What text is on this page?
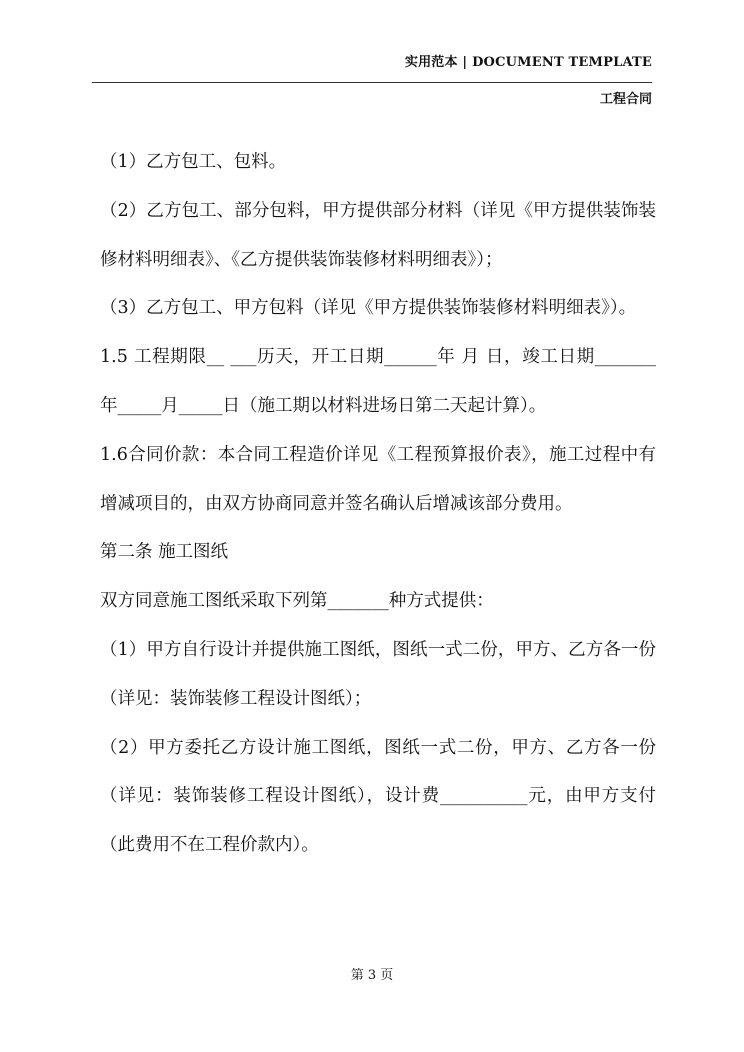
实用范本 | DOCUMENT TEMPLATE
工程合同

（1）乙方包工、包料。

（2）乙方包工、部分包料，甲方提供部分材料（详见《甲方提供装饰装修材料明细表》、《乙方提供装饰装修材料明细表》）；

（3）乙方包工、甲方包料（详见《甲方提供装饰装修材料明细表》）。

1.5 工程期限__ ___历天，开工日期______年 月 日，竣工日期_______年_____月_____日（施工期以材料进场日第二天起计算）。

1.6合同价款：本合同工程造价详见《工程预算报价表》，施工过程中有增减项目的，由双方协商同意并签名确认后增减该部分费用。

第二条 施工图纸

双方同意施工图纸采取下列第_______种方式提供：

（1）甲方自行设计并提供施工图纸，图纸一式二份，甲方、乙方各一份（详见：装饰装修工程设计图纸）；

（2）甲方委托乙方设计施工图纸，图纸一式二份，甲方、乙方各一份（详见：装饰装修工程设计图纸），设计费__________元，由甲方支付（此费用不在工程价款内）。

第 3 页
